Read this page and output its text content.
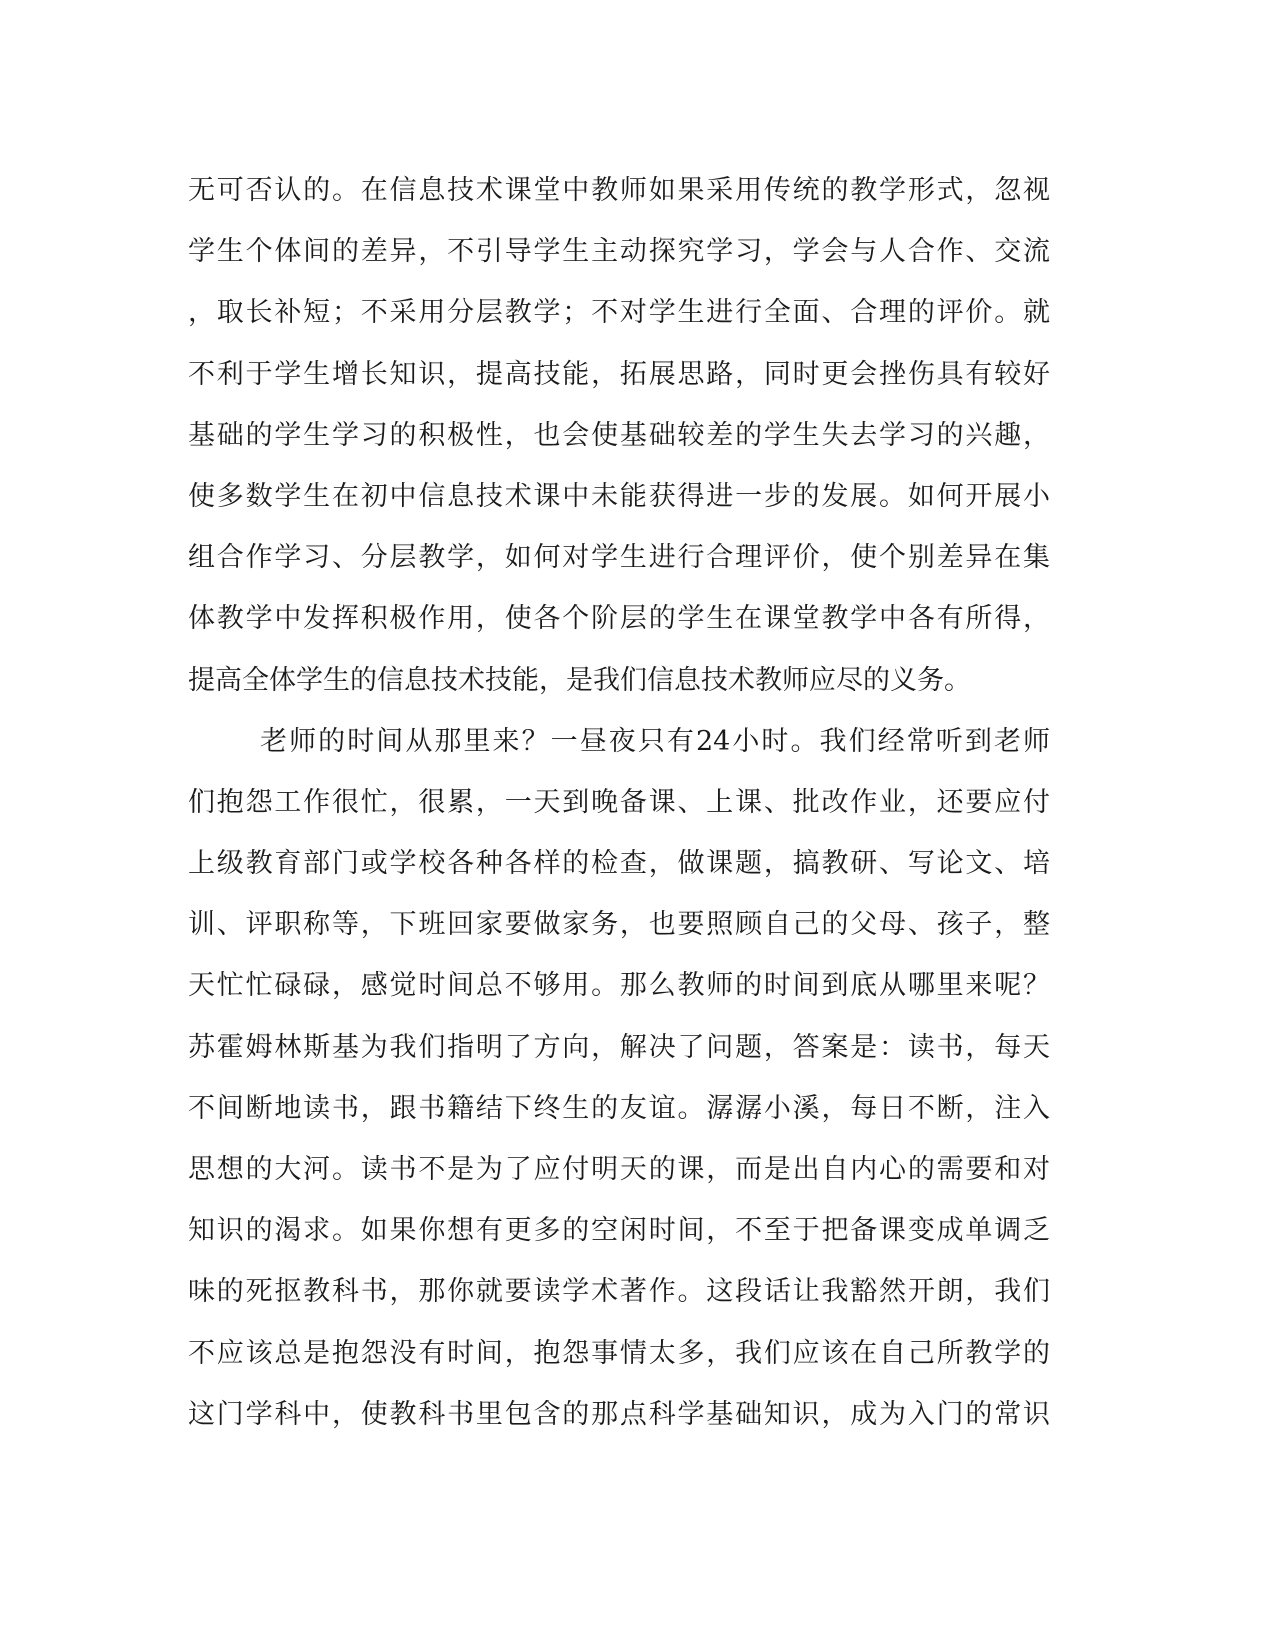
无可否认的。在信息技术课堂中教师如果采用传统的教学形式，忽视
学生个体间的差异，不引导学生主动探究学习，学会与人合作、交流
，取长补短；不采用分层教学；不对学生进行全面、合理的评价。就
不利于学生增长知识，提高技能，拓展思路，同时更会挫伤具有较好
基础的学生学习的积极性，也会使基础较差的学生失去学习的兴趣，
使多数学生在初中信息技术课中未能获得进一步的发展。如何开展小
组合作学习、分层教学，如何对学生进行合理评价，使个别差异在集
体教学中发挥积极作用，使各个阶层的学生在课堂教学中各有所得，
提高全体学生的信息技术技能，是我们信息技术教师应尽的义务。
老师的时间从那里来？一昼夜只有24小时。我们经常听到老师
们抱怨工作很忙，很累，一天到晚备课、上课、批改作业，还要应付
上级教育部门或学校各种各样的检查，做课题，搞教研、写论文、培
训、评职称等，下班回家要做家务，也要照顾自己的父母、孩子，整
天忙忙碌碌，感觉时间总不够用。那么教师的时间到底从哪里来呢？
苏霍姆林斯基为我们指明了方向，解决了问题，答案是：读书，每天
不间断地读书，跟书籍结下终生的友谊。潺潺小溪，每日不断，注入
思想的大河。读书不是为了应付明天的课，而是出自内心的需要和对
知识的渴求。如果你想有更多的空闲时间，不至于把备课变成单调乏
味的死抠教科书，那你就要读学术著作。这段话让我豁然开朗，我们
不应该总是抱怨没有时间，抱怨事情太多，我们应该在自己所教学的
这门学科中，使教科书里包含的那点科学基础知识，成为入门的常识
